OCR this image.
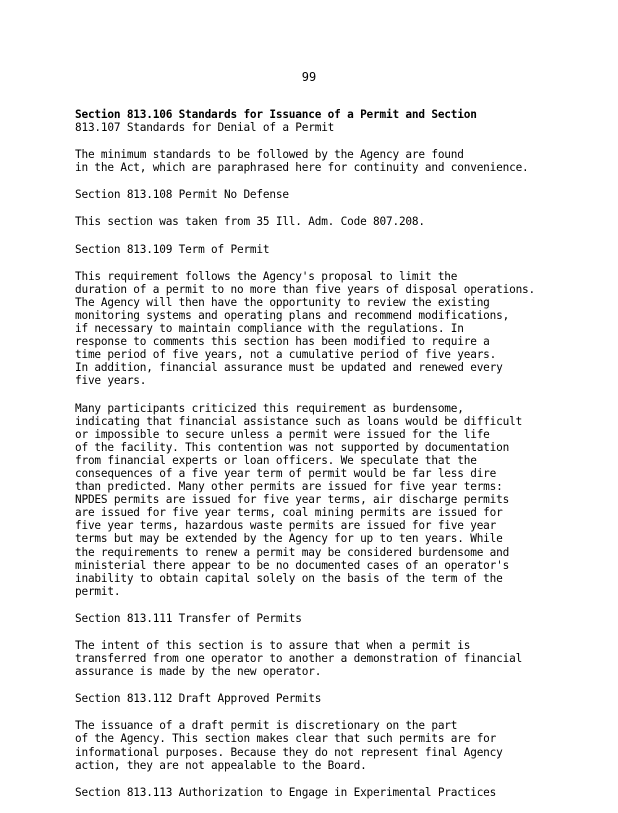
99
Section 813.106 Standards for Issuance of a Permit and Section
813.107 Standards for Denial of a Permit
The minimum standards to be followed by the Agency are found
in the Act, which are paraphrased here for continuity and convenience.
Section 813.108 Permit No Defense
This section was taken from 35 Ill. Adm. Code 807.208.
Section 813.109 Term of Permit
This requirement follows the Agency's proposal to limit the
duration of a permit to no more than five years of disposal operations.
The Agency will then have the opportunity to review the existing
monitoring systems and operating plans and recommend modifications,
if necessary to maintain compliance with the regulations. In
response to comments this section has been modified to require a
time period of five years, not a cumulative period of five years.
In addition, financial assurance must be updated and renewed every
five years.
Many participants criticized this requirement as burdensome,
indicating that financial assistance such as loans would be difficult
or impossible to secure unless a permit were issued for the life
of the facility. This contention was not supported by documentation
from financial experts or loan officers. We speculate that the
consequences of a five year term of permit would be far less dire
than predicted. Many other permits are issued for five year terms:
NPDES permits are issued for five year terms, air discharge permits
are issued for five year terms, coal mining permits are issued for
five year terms, hazardous waste permits are issued for five year
terms but may be extended by the Agency for up to ten years. While
the requirements to renew a permit may be considered burdensome and
ministerial there appear to be no documented cases of an operator's
inability to obtain capital solely on the basis of the term of the
permit.
Section 813.111 Transfer of Permits
The intent of this section is to assure that when a permit is
transferred from one operator to another a demonstration of financial
assurance is made by the new operator.
Section 813.112 Draft Approved Permits
The issuance of a draft permit is discretionary on the part
of the Agency. This section makes clear that such permits are for
informational purposes. Because they do not represent final Agency
action, they are not appealable to the Board.
Section 813.113 Authorization to Engage in Experimental Practices
